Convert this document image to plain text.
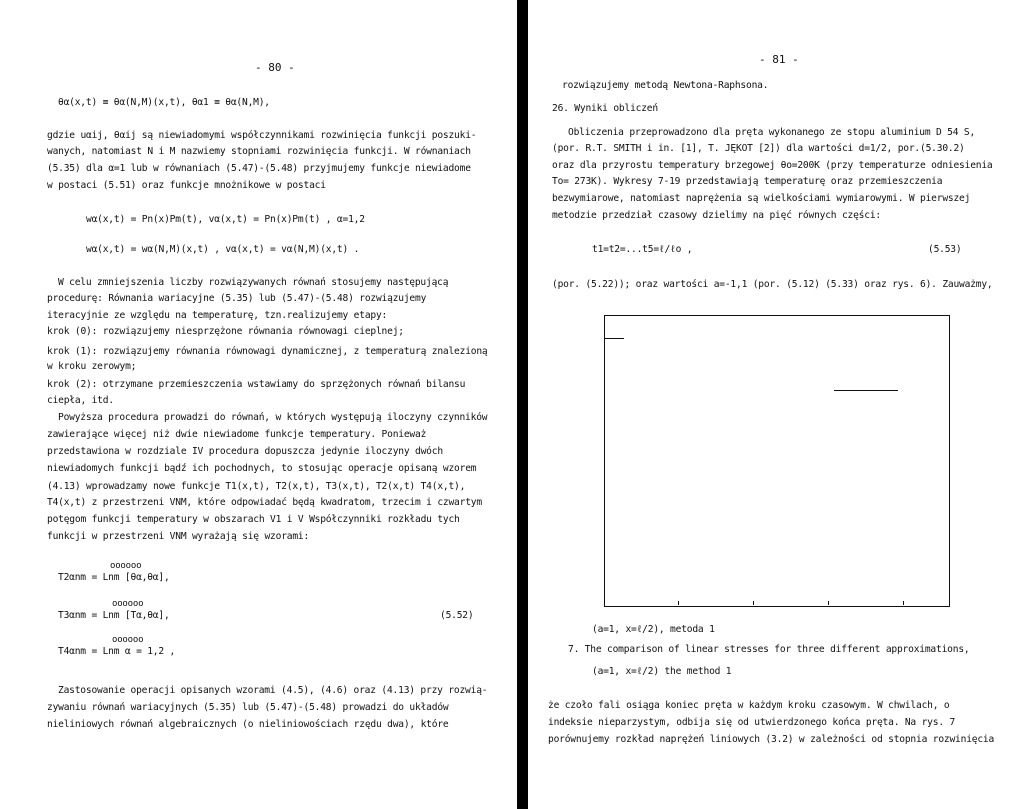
- 80 -
θα(x,t) ≡ θα(N,M)(x,t), θα1 ≡ θα(N,M),
gdzie uαij, θαij są niewiadomymi współczynnikami rozwinięcia funkcji poszuki-
wanych, natomiast N i M nazwiemy stopniami rozwinięcia funkcji. W równaniach
(5.35) dla α=1 lub w równaniach (5.47)-(5.48) przyjmujemy funkcje niewiadome
w postaci (5.51) oraz funkcje mnożnikowe w postaci
wα(x,t) = Pn(x)Pm(t), vα(x,t) = Pn(x)Pm(t) , α=1,2
wα(x,t) = wα(N,M)(x,t) , vα(x,t) = vα(N,M)(x,t) .
W celu zmniejszenia liczby rozwiązywanych równań stosujemy następującą
procedurę: Równania wariacyjne (5.35) lub (5.47)-(5.48) rozwiązujemy
iteracyjnie ze względu na temperaturę, tzn.realizujemy etapy:
krok (0): rozwiązujemy niesprzężone równania równowagi cieplnej;
krok (1): rozwiązujemy równania równowagi dynamicznej, z temperaturą znalezioną
w kroku zerowym;
krok (2): otrzymane przemieszczenia wstawiamy do sprzężonych równań bilansu
ciepła, itd.
Powyższa procedura prowadzi do równań, w których występują iloczyny czynników
zawierające więcej niż dwie niewiadome funkcje temperatury. Ponieważ
przedstawiona w rozdziale IV procedura dopuszcza jedynie iloczyny dwóch
niewiadomych funkcji bądź ich pochodnych, to stosując operacje opisaną wzorem
(4.13) wprowadzamy nowe funkcje T1(x,t), T2(x,t), T3(x,t), T2(x,t) T4(x,t),
T4(x,t) z przestrzeni VNM, które odpowiadać będą kwadratom, trzecim i czwartym
potęgom funkcji temperatury w obszarach V1 i V Współczynniki rozkładu tych
funkcji w przestrzeni VNM wyrażają się wzorami:
oooooo
T2αnm = Lnm [θα,θα],
oooooo
T3αnm = Lnm [Tα,θα],	(5.52)
oooooo
T4αnm = Lnm α = 1,2 ,
Zastosowanie operacji opisanych wzorami (4.5), (4.6) oraz (4.13) przy rozwią-
zywaniu równań wariacyjnych (5.35) lub (5.47)-(5.48) prowadzi do układów
nieliniowych równań algebraicznych (o nieliniowościach rzędu dwa), które
- 81 -
rozwiązujemy metodą Newtona-Raphsona.
26. Wyniki obliczeń
Obliczenia przeprowadzono dla pręta wykonanego ze stopu aluminium D 54 S,
(por. R.T. SMITH i in. [1], T. JĘKOT [2]) dla wartości d=1/2, por.(5.30.2)
oraz dla przyrostu temperatury brzegowej θo=200K (przy temperaturze odniesienia
To= 273K). Wykresy 7-19 przedstawiają temperaturę oraz przemieszczenia
bezwymiarowe, natomiast naprężenia są wielkościami wymiarowymi. W pierwszej
metodzie przedział czasowy dzielimy na pięć równych części:
t1=t2=...t5=ℓ/ℓo ,	(5.53)
(por. (5.22)); oraz wartości a=-1,1 (por. (5.12) (5.33) oraz rys. 6). Zauważmy,
(a=1, x=ℓ/2), metoda 1
7. The comparison of linear stresses for three different approximations,
(a=1, x=ℓ/2) the method 1
że czoło fali osiąga koniec pręta w każdym kroku czasowym. W chwilach, o
indeksie nieparzystym, odbija się od utwierdzonego końca pręta. Na rys. 7
porównujemy rozkład naprężeń liniowych (3.2) w zależności od stopnia rozwinięcia
